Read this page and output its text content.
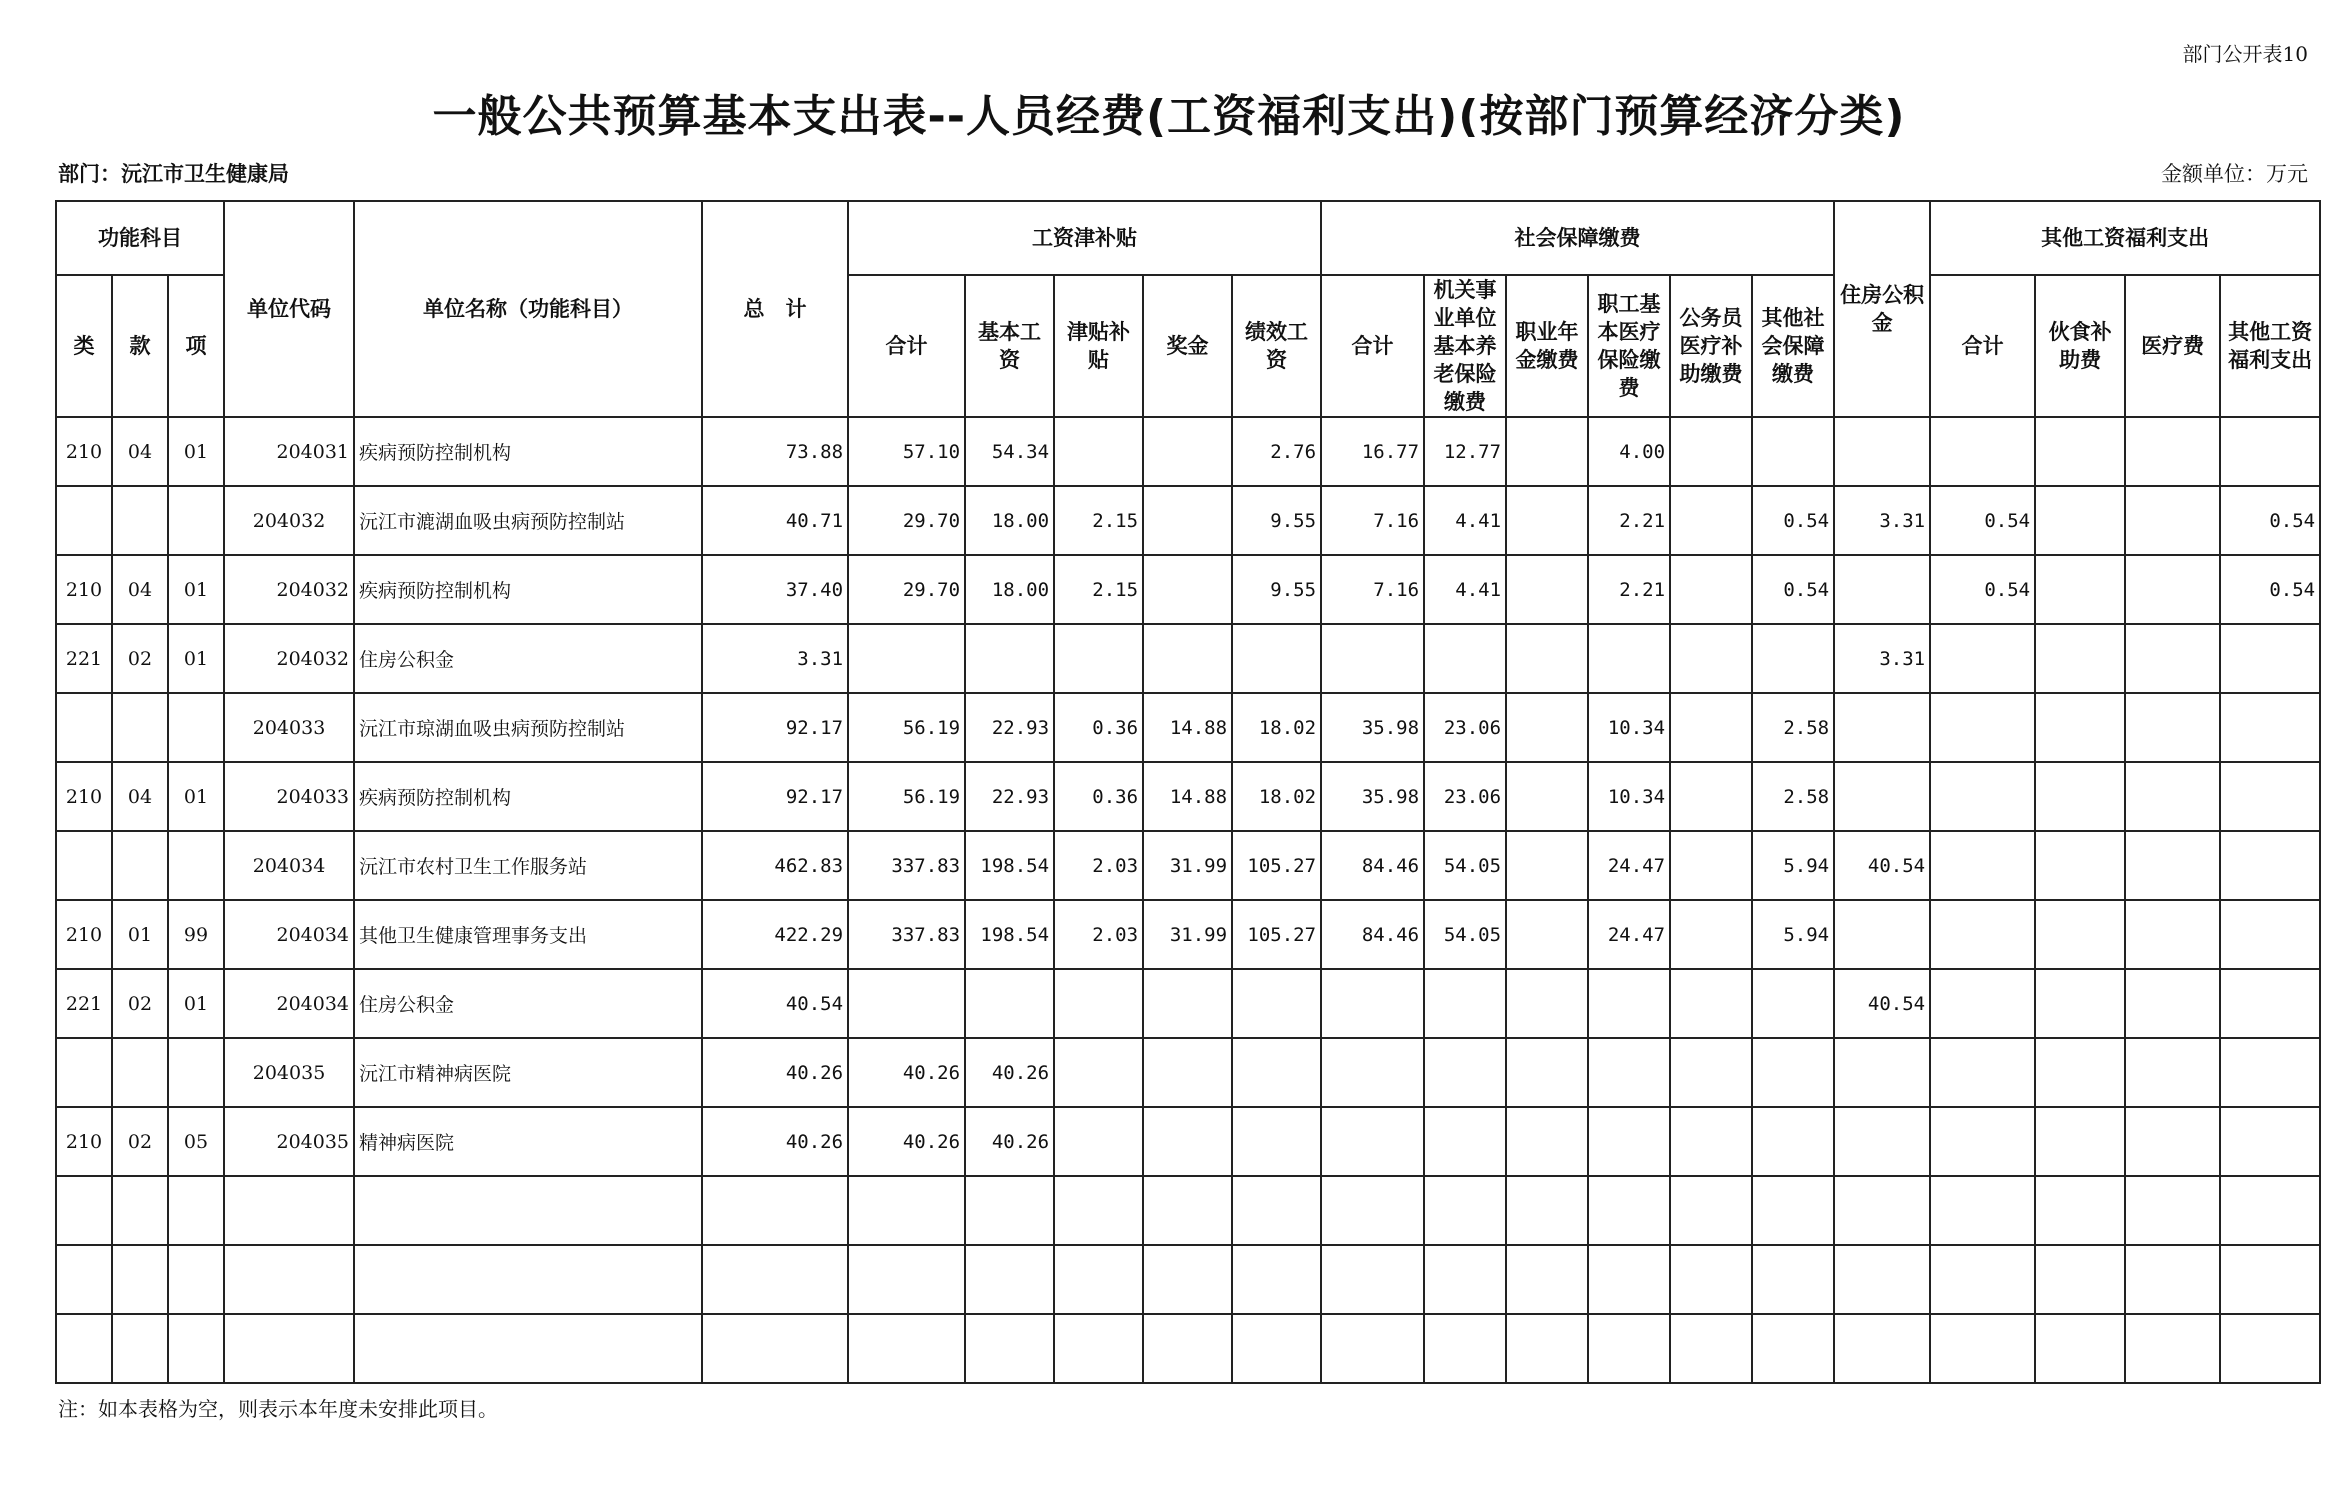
部门公开表10
一般公共预算基本支出表--人员经费(工资福利支出)(按部门预算经济分类)
部门：沅江市卫生健康局	金额单位：万元
功能科目			单位代码	单位名称（功能科目）	总　计	工资津补贴					社会保障缴费						住房公积金	其他工资福利支出			
类	款	项				合计	基本工资	津贴补贴	奖金	绩效工资	合计	机关事业单位基本养老保险缴费	职业年金缴费	职工基本医疗保险缴费	公务员医疗补助缴费	其他社会保障缴费		合计	伙食补助费	医疗费	其他工资福利支出
210	04	01	204031	疾病预防控制机构	73.88	57.10	54.34			2.76	16.77	12.77		4.00							
			204032	沅江市漉湖血吸虫病预防控制站	40.71	29.70	18.00	2.15		9.55	7.16	4.41		2.21		0.54	3.31	0.54			0.54
210	04	01	204032	疾病预防控制机构	37.40	29.70	18.00	2.15		9.55	7.16	4.41		2.21		0.54		0.54			0.54
221	02	01	204032	住房公积金	3.31												3.31				
			204033	沅江市琼湖血吸虫病预防控制站	92.17	56.19	22.93	0.36	14.88	18.02	35.98	23.06		10.34		2.58					
210	04	01	204033	疾病预防控制机构	92.17	56.19	22.93	0.36	14.88	18.02	35.98	23.06		10.34		2.58					
			204034	沅江市农村卫生工作服务站	462.83	337.83	198.54	2.03	31.99	105.27	84.46	54.05		24.47		5.94	40.54				
210	01	99	204034	其他卫生健康管理事务支出	422.29	337.83	198.54	2.03	31.99	105.27	84.46	54.05		24.47		5.94					
221	02	01	204034	住房公积金	40.54												40.54				
			204035	沅江市精神病医院	40.26	40.26	40.26														
210	02	05	204035	精神病医院	40.26	40.26	40.26														

注：如本表格为空，则表示本年度未安排此项目。
